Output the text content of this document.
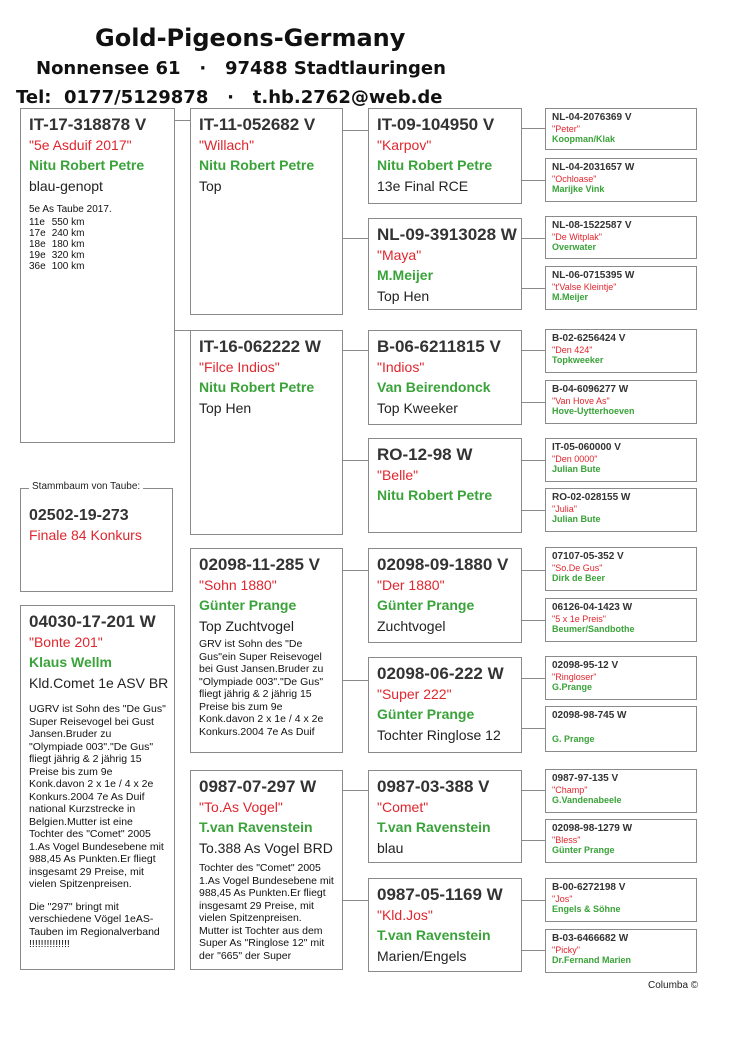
Gold-Pigeons-Germany
Nonnensee 61   ·   97488 Stadtlauringen
Tel:  0177/5129878   ·   t.hb.2762@web.de
IT-17-318878 V
"5e Asduif 2017"
Nitu Robert Petre
blau-genopt
5e As Taube 2017.
11e	550 km
17e	240 km
18e	180 km
19e	320 km
36e	100 km
Stammbaum von Taube:
02502-19-273
Finale 84 Konkurs
04030-17-201 W
"Bonte 201"
Klaus Wellm
Kld.Comet 1e ASV BR
UGRV ist Sohn des "De Gus" Super Reisevogel bei Gust Jansen.Bruder zu "Olympiade 003"."De Gus" fliegt jährig & 2 jährig 15 Preise bis zum 9e Konk.davon 2 x 1e / 4 x 2e Konkurs.2004 7e As Duif national Kurzstrecke in Belgien.Mutter ist eine Tochter des "Comet" 2005 1.As Vogel Bundesebene mit 988,45 As Punkten.Er fliegt insgesamt 29 Preise, mit vielen Spitzenpreisen.
Die "297" bringt mit verschiedene Vögel 1eAS-Tauben im Regionalverband !!!!!!!!!!!!!!
IT-11-052682 V
"Willach"
Nitu Robert Petre
Top
IT-16-062222 W
"Filce Indios"
Nitu Robert Petre
Top Hen
02098-11-285 V
"Sohn 1880"
Günter Prange
Top Zuchtvogel
GRV ist Sohn des "De Gus"ein Super Reisevogel bei Gust Jansen.Bruder zu "Olympiade 003"."De Gus" fliegt jährig & 2 jährig 15 Preise bis zum 9e Konk.davon 2 x 1e / 4 x 2e Konkurs.2004 7e As Duif
0987-07-297 W
"To.As Vogel"
T.van Ravenstein
To.388 As Vogel BRD
Tochter des "Comet" 2005 1.As Vogel Bundesebene mit 988,45 As Punkten.Er fliegt insgesamt 29 Preise, mit vielen Spitzenpreisen. Mutter ist Tochter aus dem Super As "Ringlose 12" mit der "665" der Super
IT-09-104950 V
"Karpov"
Nitu Robert Petre
13e Final RCE
NL-09-3913028 W
"Maya"
M.Meijer
Top Hen
B-06-6211815 V
"Indios"
Van Beirendonck
Top Kweeker
RO-12-98 W
"Belle"
Nitu Robert Petre
02098-09-1880 V
"Der 1880"
Günter Prange
Zuchtvogel
02098-06-222 W
"Super 222"
Günter Prange
Tochter Ringlose 12
0987-03-388 V
"Comet"
T.van Ravenstein
blau
0987-05-1169 W
"Kld.Jos"
T.van Ravenstein
Marien/Engels
NL-04-2076369 V
"Peter"
Koopman/Klak
NL-04-2031657 W
"Ochloase"
Marijke Vink
NL-08-1522587 V
"De Witplak"
Overwater
NL-06-0715395 W
"t'Valse Kleintje"
M.Meijer
B-02-6256424 V
"Den 424"
Topkweeker
B-04-6096277 W
"Van Hove As"
Hove-Uytterhoeven
IT-05-060000 V
"Den 0000"
Julian Bute
RO-02-028155 W
"Julia"
Julian Bute
07107-05-352 V
"So.De Gus"
Dirk de Beer
06126-04-1423 W
"5 x 1e Preis"
Beumer/Sandbothe
02098-95-12 V
"Ringloser"
G.Prange
02098-98-745 W
G. Prange
0987-97-135 V
"Champ"
G.Vandenabeele
02098-98-1279 W
"Bless"
Günter Prange
B-00-6272198 V
"Jos"
Engels & Söhne
B-03-6466682 W
"Picky"
Dr.Fernand Marien
Columba ©
